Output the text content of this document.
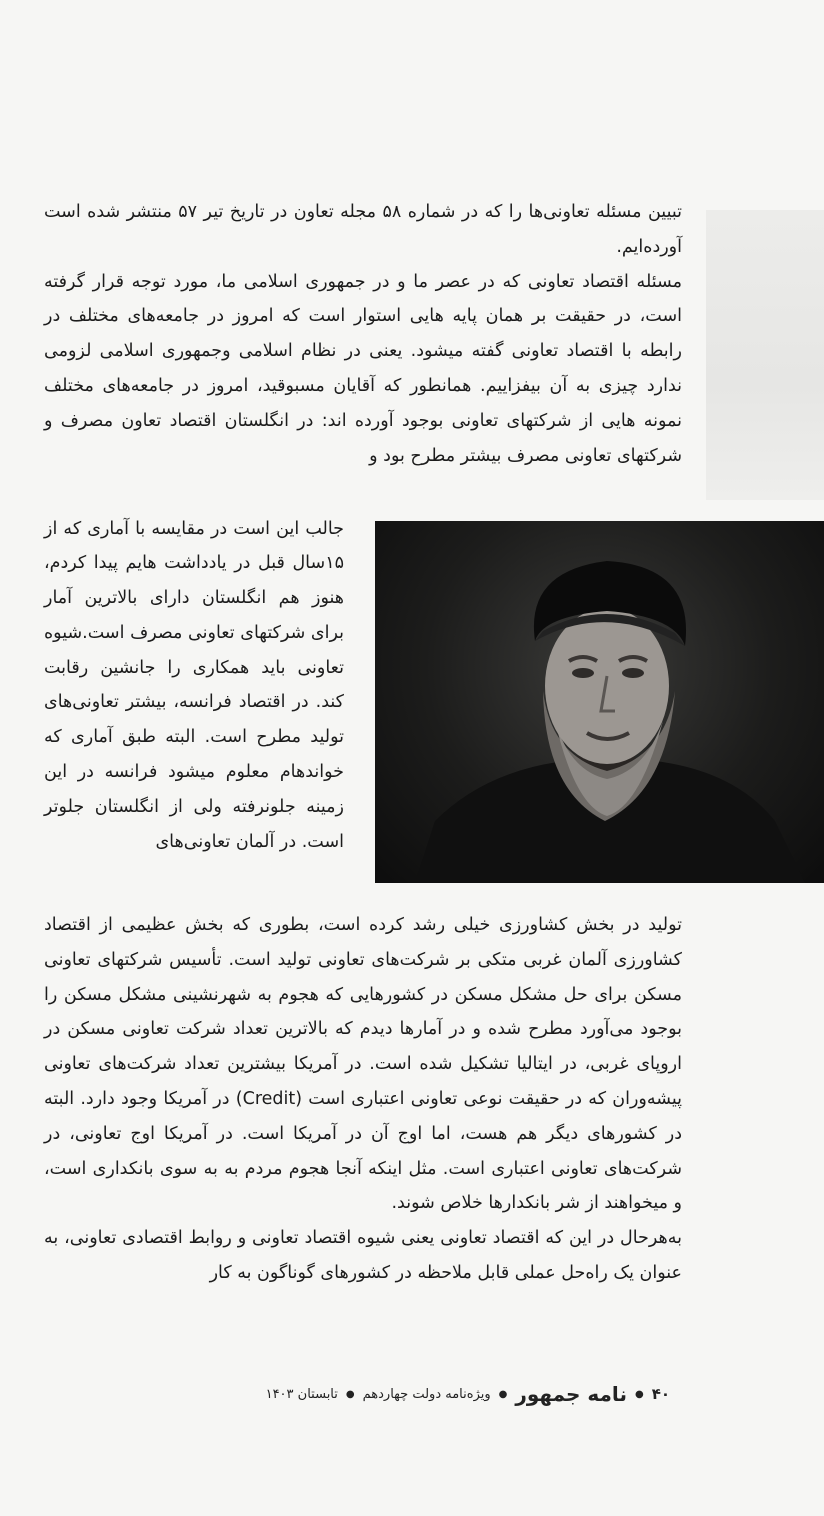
تبیین مسئله تعاونی‌ها را که در شماره ۵۸ مجله تعاون در تاریخ تیر ۵۷ منتشر شده است آورده‌ایم.

مسئله اقتصاد تعاونی که در عصر ما و در جمهوری اسلامی ما، مورد توجه قرار گرفته است، در حقیقت بر همان پایه هایی استوار است که امروز در جامعه‌های مختلف در رابطه با اقتصاد تعاونی گفته میشود. یعنی در نظام اسلامی وجمهوری اسلامی لزومی ندارد چیزی به آن بیفزاییم. همانطور که آقایان مسبوقید، امروز در جامعه‌های مختلف نمونه هایی از شرکتهای تعاونی بوجود آورده اند: در انگلستان اقتصاد تعاون مصرف و شرکتهای تعاونی مصرف بیشتر مطرح بود و

جالب این است در مقایسه با آماری که از ۱۵سال قبل در یادداشت هایم پیدا کردم، هنوز هم انگلستان دارای بالاترین آمار برای شرکتهای تعاونی مصرف است.شیوه تعاونی باید همکاری را جانشین رقابت کند. در اقتصاد فرانسه، بیشتر تعاونی‌های تولید مطرح است. البته طبق آماری که خواندهام معلوم میشود فرانسه در این زمینه جلونرفته ولی از انگلستان جلوتر است. در آلمان تعاونی‌های

تولید در بخش کشاورزی خیلی رشد کرده است، بطوری که بخش عظیمی از اقتصاد کشاورزی آلمان غربی متکی بر شرکت‌های تعاونی تولید است. تأسیس شرکتهای تعاونی مسکن برای حل مشکل مسکن در کشورهایی که هجوم به شهرنشینی مشکل مسکن را بوجود می‌آورد مطرح شده و در آمارها دیدم که بالاترین تعداد شرکت تعاونی مسکن در اروپای غربی، در ایتالیا تشکیل شده است. در آمریکا بیشترین تعداد شرکت‌های تعاونی پیشه‌وران که در حقیقت نوعی تعاونی اعتباری است (Credit) در آمریکا وجود دارد. البته در کشورهای دیگر هم هست، اما اوج آن در آمریکا است. در آمریکا اوج تعاونی، در شرکت‌های تعاونی اعتباری است. مثل اینکه آنجا هجوم مردم به به سوی بانکداری است، و میخواهند از شر بانکدارها خلاص شوند.

به‌هرحال در این که اقتصاد تعاونی یعنی شیوه اقتصاد تعاونی و روابط اقتصادی تعاونی، به عنوان یک راه‌حل عملی قابل ملاحظه در کشورهای گوناگون به کار

۴۰
●
نامه جمهور
●
ویژه‌نامه دولت چهاردهم
●
تابستان ۱۴۰۳
